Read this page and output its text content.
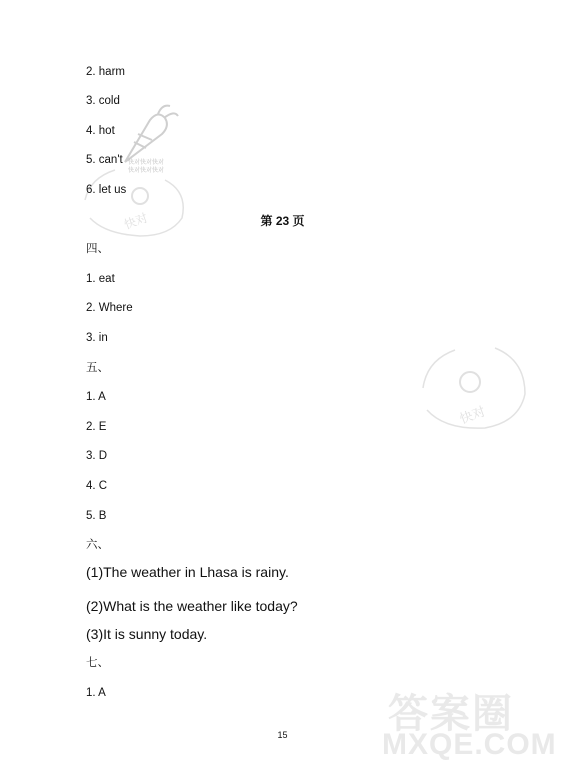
快对快对快对
快对快对快对
快对
快对
答案圈
MXQE.COM
2. harm
3. cold
4. hot
5. can't
6. let us
第 23 页
四、
1. eat
2. Where
3. in
五、
1. A
2. E
3. D
4. C
5. B
六、
(1)The weather in Lhasa is rainy.
(2)What is the weather like today?
(3)It is sunny today.
七、
1. A
15
